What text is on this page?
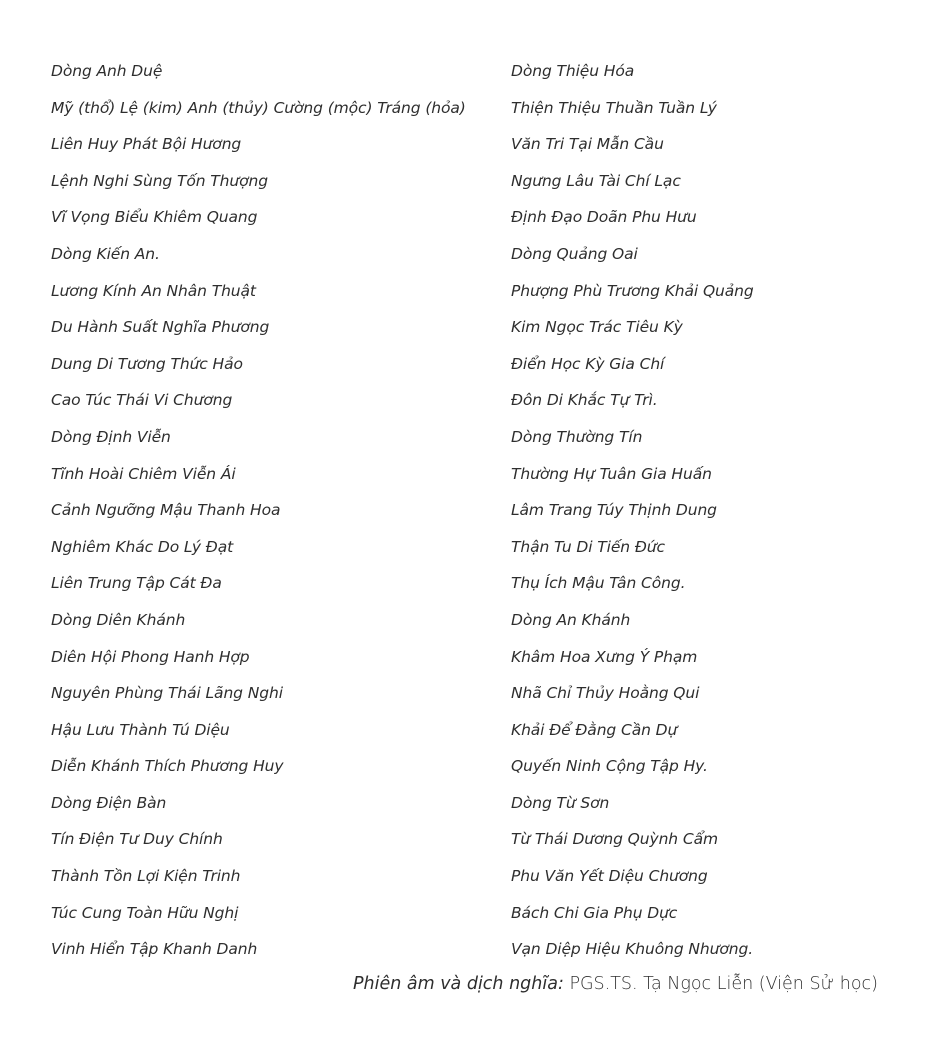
Dòng Anh Duệ
Mỹ (thổ) Lệ (kim) Anh (thủy) Cường (mộc) Tráng (hỏa)
Liên Huy Phát Bội Hương
Lệnh Nghi Sùng Tốn Thượng
Vĩ Vọng Biểu Khiêm Quang
Dòng Kiến An.
Lương Kính An Nhân Thuật
Du Hành Suất Nghĩa Phương
Dung Di Tương Thức Hảo
Cao Túc Thái Vi Chương
Dòng Định Viễn
Tĩnh Hoài Chiêm Viễn Ái
Cảnh Ngưỡng Mậu Thanh Hoa
Nghiêm Khác Do Lý Đạt
Liên Trung Tập Cát Đa
Dòng Diên Khánh
Diên Hội Phong Hanh Hợp
Nguyên Phùng Thái Lãng Nghi
Hậu Lưu Thành Tú Diệu
Diễn Khánh Thích Phương Huy
Dòng Điện Bàn
Tín Điện Tư Duy Chính
Thành Tồn Lợi Kiện Trinh
Túc Cung Toàn Hữu Nghị
Vinh Hiển Tập Khanh Danh
Dòng Thiệu Hóa
Thiện Thiệu Thuần Tuần Lý
Văn Tri Tại Mẫn Cầu
Ngưng Lâu Tài Chí Lạc
Định Đạo Doãn Phu Hưu
Dòng Quảng Oai
Phượng Phù Trương Khải Quảng
Kim Ngọc Trác Tiêu Kỳ
Điển Học Kỳ Gia Chí
Đôn Di Khắc Tự Trì.
Dòng Thường Tín
Thường Hự Tuân Gia Huấn
Lâm Trang Túy Thịnh Dung
Thận Tu Di Tiến Đức
Thụ Ích Mậu Tân Công.
Dòng An Khánh
Khâm Hoa Xưng Ý Phạm
Nhã Chỉ Thủy Hoằng Qui
Khải Để Đằng Cần Dự
Quyến Ninh Cộng Tập Hy.
Dòng Từ Sơn
Từ Thái Dương Quỳnh Cẩm
Phu Văn Yết Diệu Chương
Bách Chi Gia Phụ Dực
Vạn Diệp Hiệu Khuông Nhương.
Phiên âm và dịch nghĩa: PGS.TS. Tạ Ngọc Liễn (Viện Sử học)
